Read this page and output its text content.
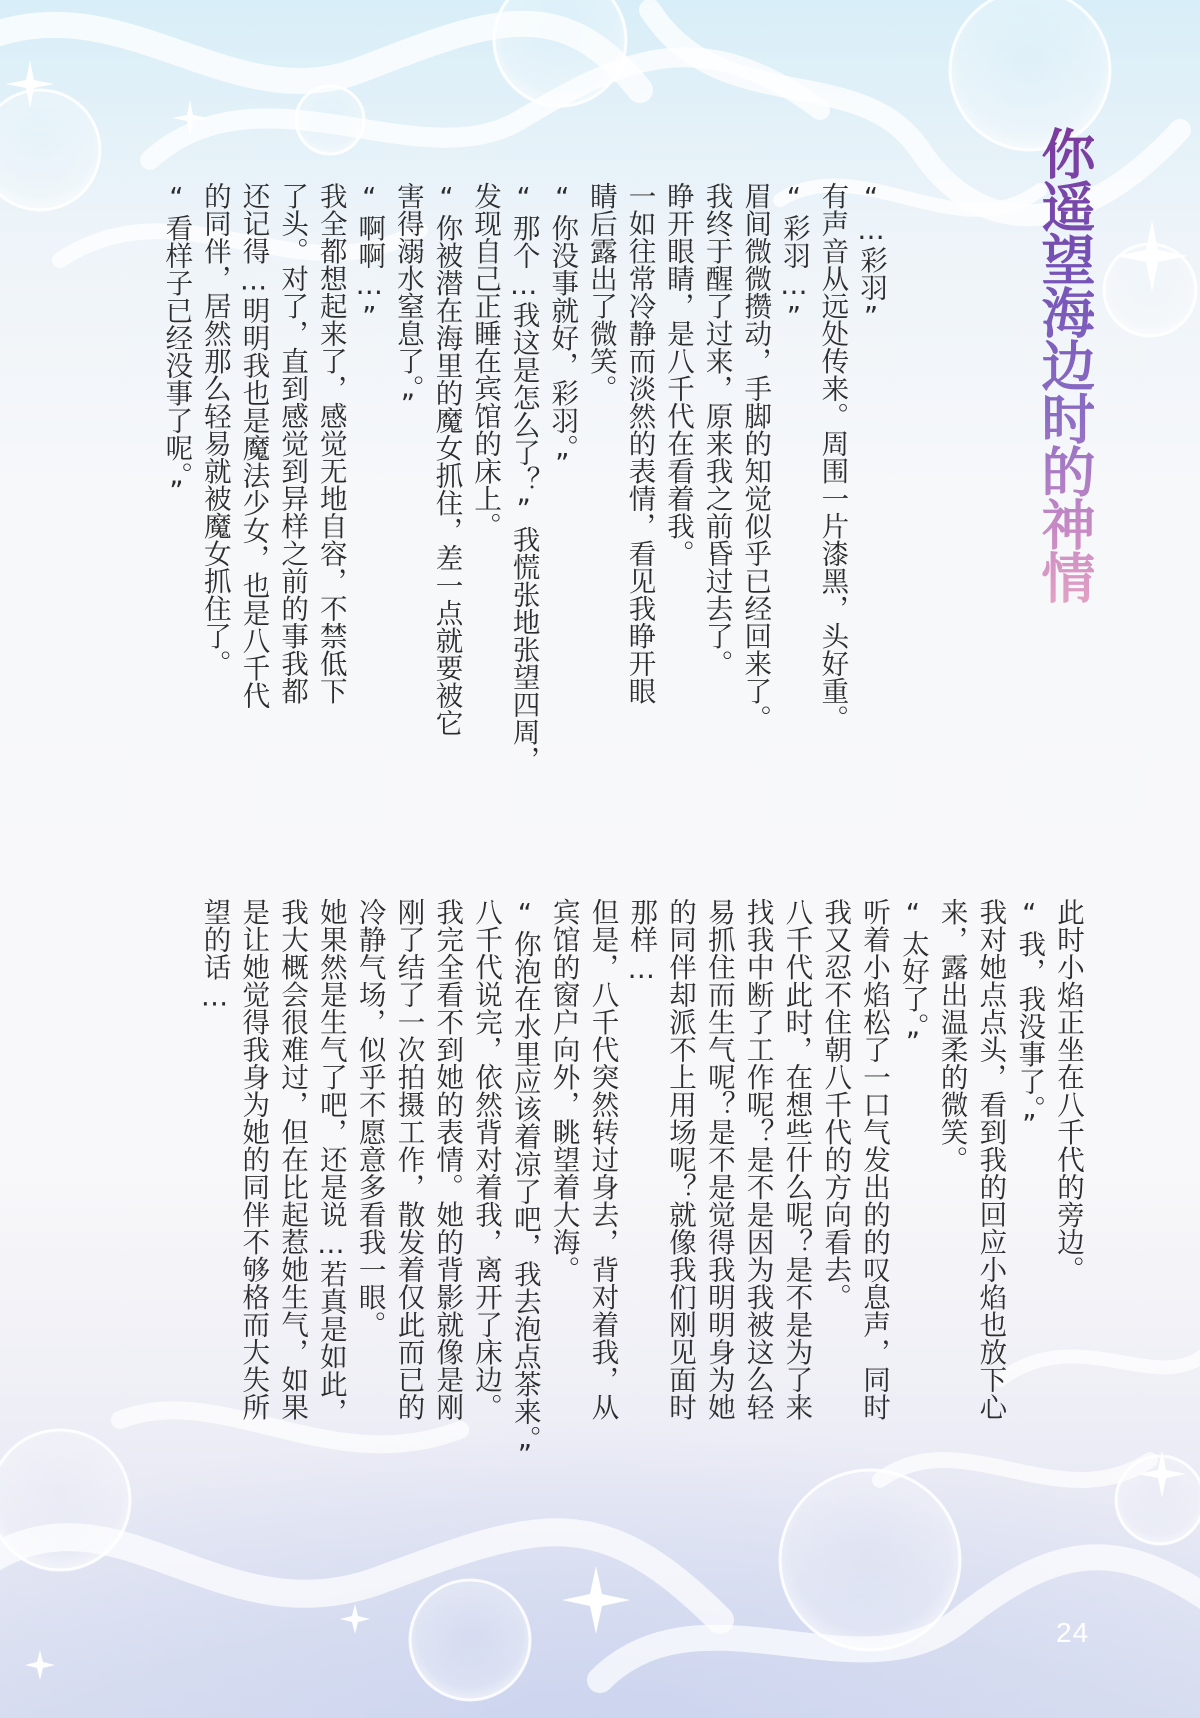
你遥望海边时的神情

“…彩羽”

有声音从远处传来。周围一片漆黑，头好重。

“彩羽…”

眉间微微攒动，手脚的知觉似乎已经回来了。

我终于醒了过来，原来我之前昏过去了。

睁开眼睛，是八千代在看着我。

一如往常冷静而淡然的表情，看见我睁开眼

睛后露出了微笑。

“你没事就好，彩羽。”

“那个…我这是怎么了？”我慌张地张望四周，

发现自己正睡在宾馆的床上。

“你被潜在海里的魔女抓住，差一点就要被它

害得溺水窒息了。”

“啊啊…”

我全都想起来了，感觉无地自容，不禁低下

了头。对了，直到感觉到异样之前的事我都

还记得…明明我也是魔法少女，也是八千代

的同伴，居然那么轻易就被魔女抓住了。

“看样子已经没事了呢。”

此时小焰正坐在八千代的旁边。

“我，我没事了。”

我对她点点头，看到我的回应小焰也放下心

来，露出温柔的微笑。

“太好了。”

听着小焰松了一口气发出的的叹息声，同时

我又忍不住朝八千代的方向看去。

八千代此时，在想些什么呢？是不是为了来

找我中断了工作呢？是不是因为我被这么轻

易抓住而生气呢？是不是觉得我明明身为她

的同伴却派不上用场呢？就像我们刚见面时

那样…

但是，八千代突然转过身去，背对着我，从

宾馆的窗户向外，眺望着大海。

“你泡在水里应该着凉了吧，我去泡点茶来。”

八千代说完，依然背对着我，离开了床边。

我完全看不到她的表情。她的背影就像是刚

刚了结了一次拍摄工作，散发着仅此而已的

冷静气场，似乎不愿意多看我一眼。

她果然是生气了吧，还是说…若真是如此，

我大概会很难过，但在比起惹她生气，如果

是让她觉得我身为她的同伴不够格而大失所

望的话…

24
